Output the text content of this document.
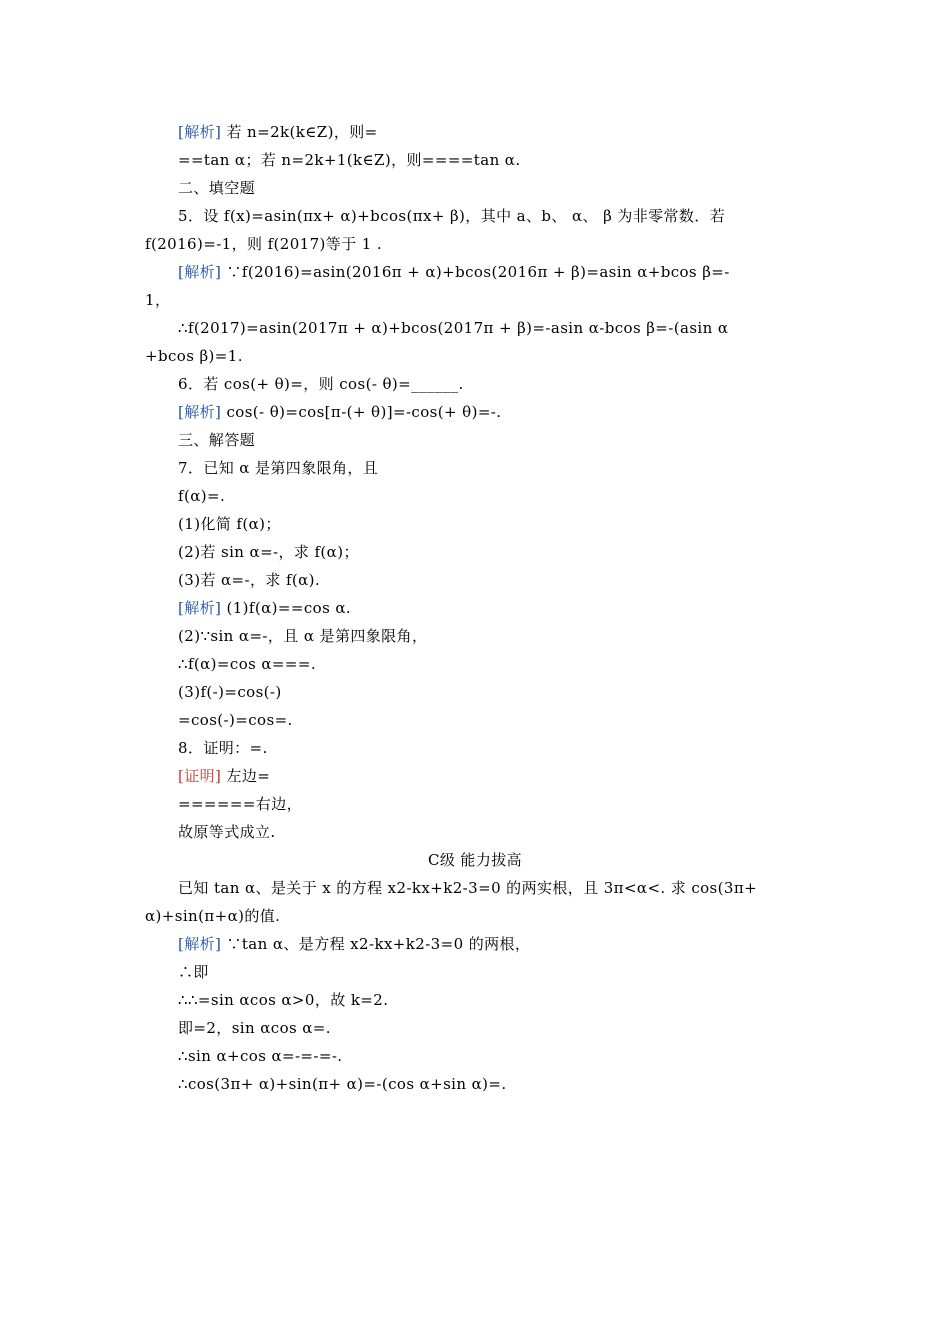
[解析] 若 n=2k(k∈Z)，则=

==tan α；若 n=2k+1(k∈Z)，则====tan α.

二、填空题

5．设 f(x)=asin(πx+ α)+bcos(πx+ β)，其中 a、b、 α、 β 为非零常数．若

f(2016)=-1，则 f(2017)等于 1 .

[解析] ∵f(2016)=asin(2016π + α)+bcos(2016π + β)=asin α+bcos β=-

1，

∴f(2017)=asin(2017π + α)+bcos(2017π + β)=-asin α-bcos β=-(asin α

+bcos β)=1.

6．若 cos(+ θ)=，则 cos(- θ)=______.

[解析] cos(- θ)=cos[π-(+ θ)]=-cos(+ θ)=-.

三、解答题

7．已知 α 是第四象限角，且

f(α)=.

(1)化简 f(α)；

(2)若 sin α=-，求 f(α)；

(3)若 α=-，求 f(α).

[解析] (1)f(α)==cos α.

(2)∵sin α=-，且 α 是第四象限角，

∴f(α)=cos α===.

(3)f(-)=cos(-)

=cos(-)=cos=.

8．证明：=.

[证明] 左边=

======右边，

故原等式成立.

C级 能力拔高

已知 tan α、是关于 x 的方程 x2-kx+k2-3=0 的两实根，且 3π<α<. 求 cos(3π+

α)+sin(π+α)的值.

[解析] ∵tan α、是方程 x2-kx+k2-3=0 的两根，

∴即

∴∴=sin αcos α>0，故 k=2.

即=2，sin αcos α=.

∴sin α+cos α=-=-=-.

∴cos(3π+ α)+sin(π+ α)=-(cos α+sin α)=.
